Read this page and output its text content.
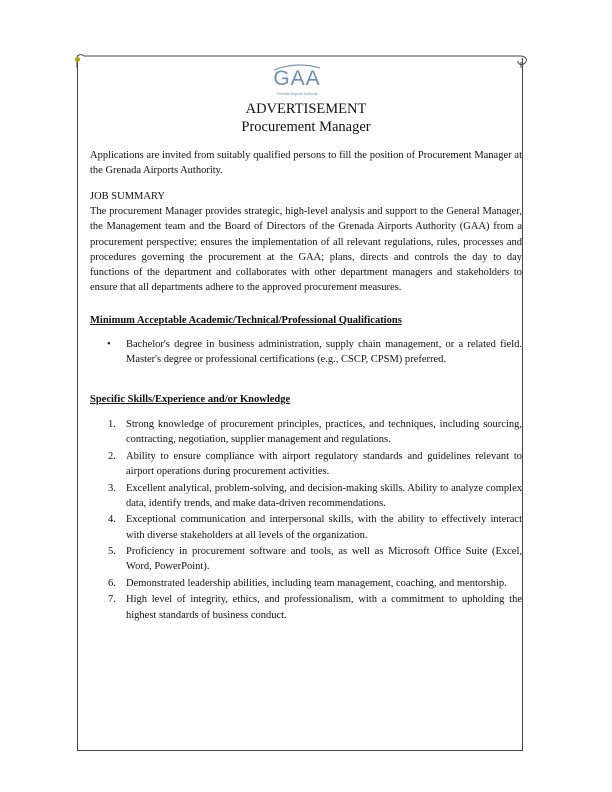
GAA
Grenada Airports Authority
ADVERTISEMENT
Procurement Manager

Applications are invited from suitably qualified persons to fill the position of Procurement Manager at the Grenada Airports Authority.

JOB SUMMARY

The procurement Manager provides strategic, high-level analysis and support to the General Manager, the Management team and the Board of Directors of the Grenada Airports Authority (GAA) from a procurement perspective; ensures the implementation of all relevant regulations, rules, processes and procedures governing the procurement at the GAA; plans, directs and controls the day to day functions of the department and collaborates with other department managers and stakeholders to ensure that all departments adhere to the approved procurement measures.

Minimum Acceptable Academic/Technical/Professional Qualifications
• Bachelor's degree in business administration, supply chain management, or a related field. Master's degree or professional certifications (e.g., CSCP, CPSM) preferred.

Specific Skills/Experience and/or Knowledge
1. Strong knowledge of procurement principles, practices, and techniques, including sourcing, contracting, negotiation, supplier management and regulations.
2. Ability to ensure compliance with airport regulatory standards and guidelines relevant to airport operations during procurement activities.
3. Excellent analytical, problem-solving, and decision-making skills. Ability to analyze complex data, identify trends, and make data-driven recommendations.
4. Exceptional communication and interpersonal skills, with the ability to effectively interact with diverse stakeholders at all levels of the organization.
5. Proficiency in procurement software and tools, as well as Microsoft Office Suite (Excel, Word, PowerPoint).
6. Demonstrated leadership abilities, including team management, coaching, and mentorship.
7. High level of integrity, ethics, and professionalism, with a commitment to upholding the highest standards of business conduct.
